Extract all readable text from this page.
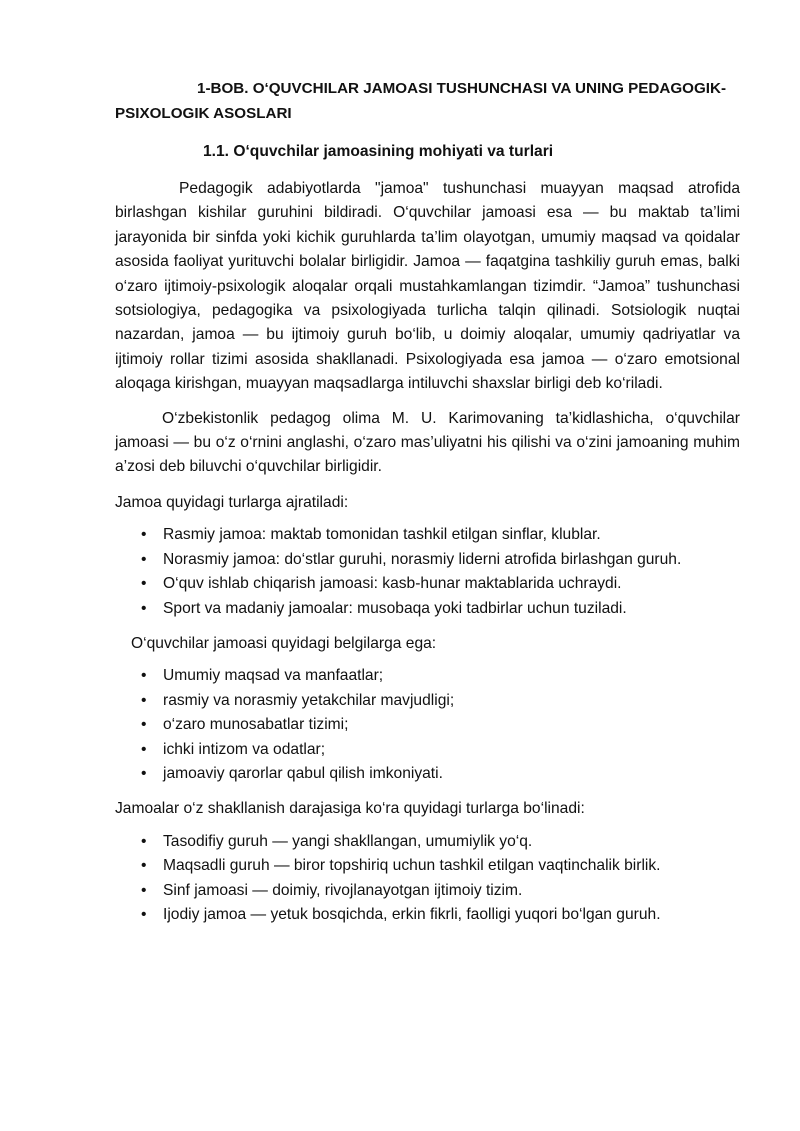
1-BOB. O‘QUVCHILAR JAMOASI TUSHUNCHASI VA UNING PEDAGOGIK-PSIXOLOGIK ASOSLARI
1.1. O‘quvchilar jamoasining mohiyati va turlari

Pedagogik adabiyotlarda "jamoa" tushunchasi muayyan maqsad atrofida birlashgan kishilar guruhini bildiradi. O‘quvchilar jamoasi esa — bu maktab ta’limi jarayonida bir sinfda yoki kichik guruhlarda ta’lim olayotgan, umumiy maqsad va qoidalar asosida faoliyat yurituvchi bolalar birligidir. Jamoa — faqatgina tashkiliy guruh emas, balki o‘zaro ijtimoiy-psixologik aloqalar orqali mustahkamlangan tizimdir. “Jamoa” tushunchasi sotsiologiya, pedagogika va psixologiyada turlicha talqin qilinadi. Sotsiologik nuqtai nazardan, jamoa — bu ijtimoiy guruh bo‘lib, u doimiy aloqalar, umumiy qadriyatlar va ijtimoiy rollar tizimi asosida shakllanadi. Psixologiyada esa jamoa — o‘zaro emotsional aloqaga kirishgan, muayyan maqsadlarga intiluvchi shaxslar birligi deb ko‘riladi.

O‘zbekistonlik pedagog olima M. U. Karimovaning ta’kidlashicha, o‘quvchilar jamoasi — bu o‘z o‘rnini anglashi, o‘zaro mas’uliyatni his qilishi va o‘zini jamoaning muhim a’zosi deb biluvchi o‘quvchilar birligidir.

Jamoa quyidagi turlarga ajratiladi:

• Rasmiy jamoa: maktab tomonidan tashkil etilgan sinflar, klublar.
• Norasmiy jamoa: do‘stlar guruhi, norasmiy liderni atrofida birlashgan guruh.
• O‘quv ishlab chiqarish jamoasi: kasb-hunar maktablarida uchraydi.
• Sport va madaniy jamoalar: musobaqa yoki tadbirlar uchun tuziladi.

O‘quvchilar jamoasi quyidagi belgilarga ega:

• Umumiy maqsad va manfaatlar;
• rasmiy va norasmiy yetakchilar mavjudligi;
• o‘zaro munosabatlar tizimi;
• ichki intizom va odatlar;
• jamoaviy qarorlar qabul qilish imkoniyati.

Jamoalar o‘z shakllanish darajasiga ko‘ra quyidagi turlarga bo‘linadi:

• Tasodifiy guruh — yangi shakllangan, umumiylik yo‘q.
• Maqsadli guruh — biror topshiriq uchun tashkil etilgan vaqtinchalik birlik.
• Sinf jamoasi — doimiy, rivojlanayotgan ijtimoiy tizim.
• Ijodiy jamoa — yetuk bosqichda, erkin fikrli, faolligi yuqori bo‘lgan guruh.
